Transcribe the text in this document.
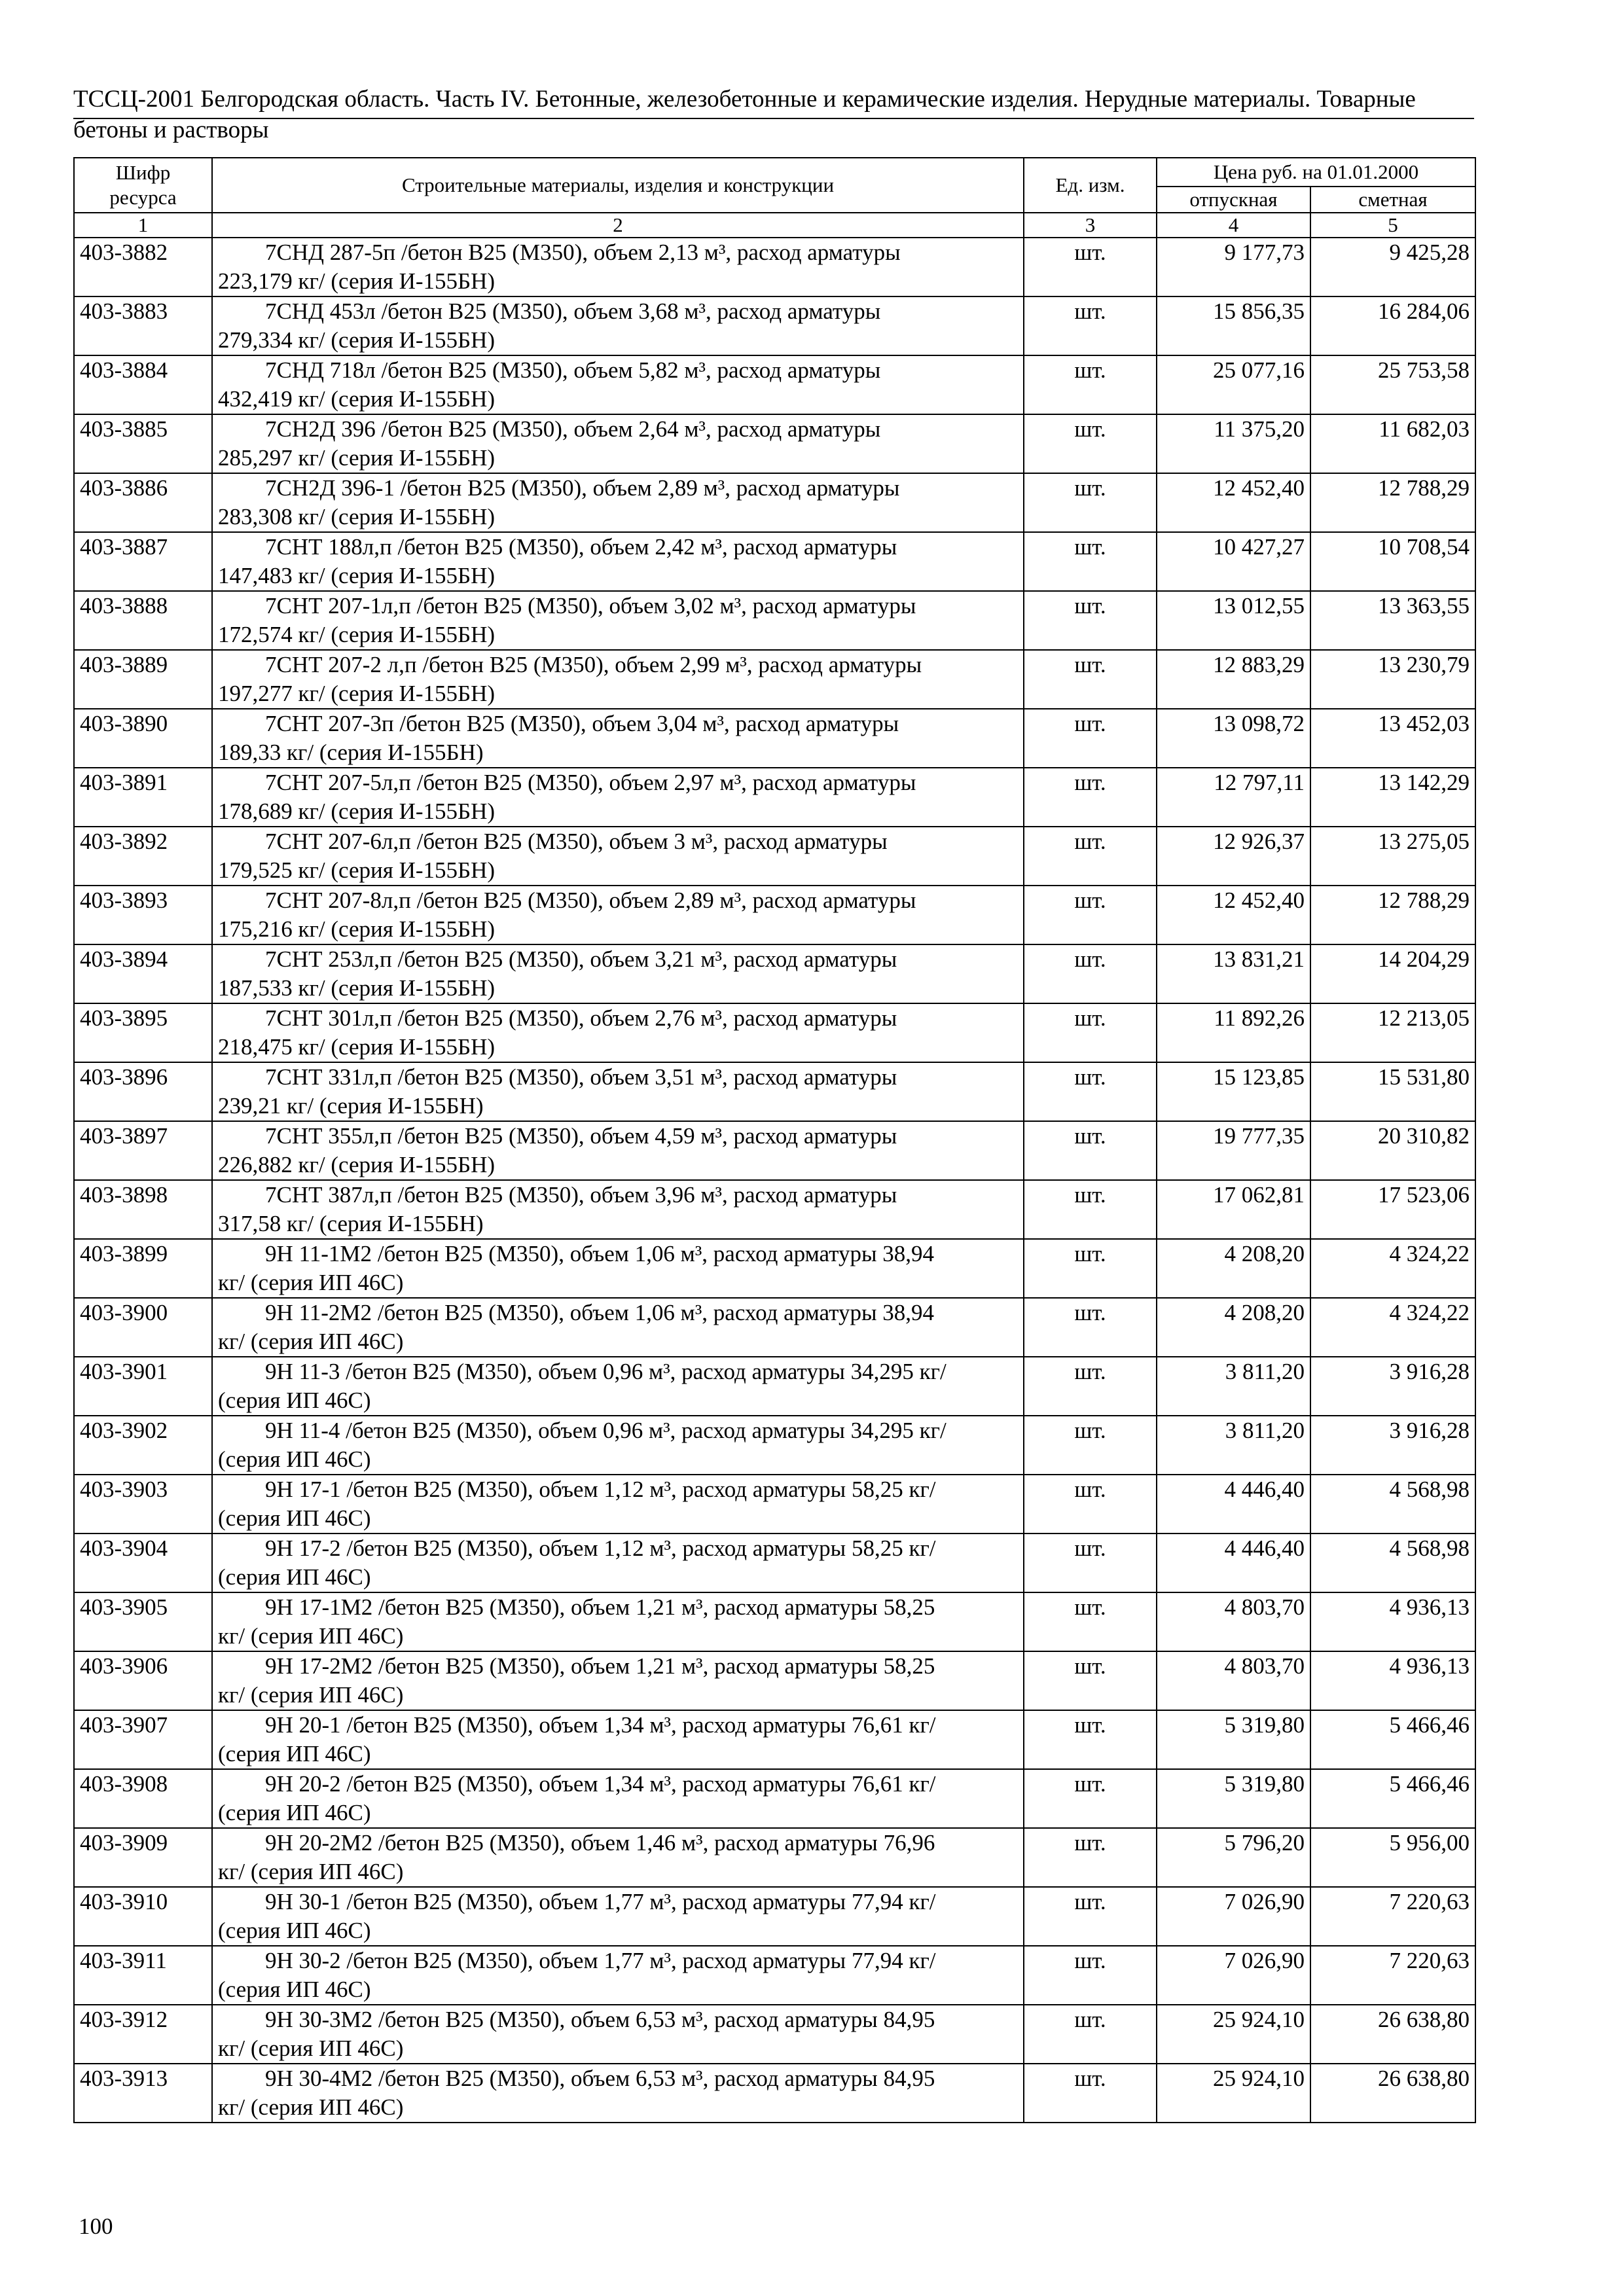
ТССЦ-2001 Белгородская область. Часть IV. Бетонные, железобетонные и керамические изделия. Нерудные материалы. Товарные бетоны и растворы

Шифр ресурса	Строительные материалы, изделия и конструкции	Ед. изм.	Цена руб. на 01.01.2000	
			отпускная	сметная
1	2	3	4	5
403-3882	7СНД 287-5п /бетон В25 (М350), объем 2,13 м³, расход арматуры
223,179 кг/ (серия И-155БН)	шт.	9 177,73	9 425,28
403-3883	7СНД 453л /бетон В25 (М350), объем 3,68 м³, расход арматуры
279,334 кг/ (серия И-155БН)	шт.	15 856,35	16 284,06
403-3884	7СНД 718л /бетон В25 (М350), объем 5,82 м³, расход арматуры
432,419 кг/ (серия И-155БН)	шт.	25 077,16	25 753,58
403-3885	7СН2Д 396 /бетон В25 (М350), объем 2,64 м³, расход арматуры
285,297 кг/ (серия И-155БН)	шт.	11 375,20	11 682,03
403-3886	7СН2Д 396-1 /бетон В25 (М350), объем 2,89 м³, расход арматуры
283,308 кг/ (серия И-155БН)	шт.	12 452,40	12 788,29
403-3887	7СНТ 188л,п /бетон В25 (М350), объем 2,42 м³, расход арматуры
147,483 кг/ (серия И-155БН)	шт.	10 427,27	10 708,54
403-3888	7СНТ 207-1л,п /бетон В25 (М350), объем 3,02 м³, расход арматуры
172,574 кг/ (серия И-155БН)	шт.	13 012,55	13 363,55
403-3889	7СНТ 207-2 л,п /бетон В25 (М350), объем 2,99 м³, расход арматуры
197,277 кг/ (серия И-155БН)	шт.	12 883,29	13 230,79
403-3890	7СНТ 207-3п /бетон В25 (М350), объем 3,04 м³, расход арматуры
189,33 кг/ (серия И-155БН)	шт.	13 098,72	13 452,03
403-3891	7СНТ 207-5л,п /бетон В25 (М350), объем 2,97 м³, расход арматуры
178,689 кг/ (серия И-155БН)	шт.	12 797,11	13 142,29
403-3892	7СНТ 207-6л,п /бетон В25 (М350), объем 3 м³, расход арматуры
179,525 кг/ (серия И-155БН)	шт.	12 926,37	13 275,05
403-3893	7СНТ 207-8л,п /бетон В25 (М350), объем 2,89 м³, расход арматуры
175,216 кг/ (серия И-155БН)	шт.	12 452,40	12 788,29
403-3894	7СНТ 253л,п /бетон В25 (М350), объем 3,21 м³, расход арматуры
187,533 кг/ (серия И-155БН)	шт.	13 831,21	14 204,29
403-3895	7СНТ 301л,п /бетон В25 (М350), объем 2,76 м³, расход арматуры
218,475 кг/ (серия И-155БН)	шт.	11 892,26	12 213,05
403-3896	7СНТ 331л,п /бетон В25 (М350), объем 3,51 м³, расход арматуры
239,21 кг/ (серия И-155БН)	шт.	15 123,85	15 531,80
403-3897	7СНТ 355л,п /бетон В25 (М350), объем 4,59 м³, расход арматуры
226,882 кг/ (серия И-155БН)	шт.	19 777,35	20 310,82
403-3898	7СНТ 387л,п /бетон В25 (М350), объем 3,96 м³, расход арматуры
317,58 кг/ (серия И-155БН)	шт.	17 062,81	17 523,06
403-3899	9Н 11-1М2 /бетон В25 (М350), объем 1,06 м³, расход арматуры 38,94
кг/ (серия ИП 46С)	шт.	4 208,20	4 324,22
403-3900	9Н 11-2М2 /бетон В25 (М350), объем 1,06 м³, расход арматуры 38,94
кг/ (серия ИП 46С)	шт.	4 208,20	4 324,22
403-3901	9Н 11-3 /бетон В25 (М350), объем 0,96 м³, расход арматуры 34,295 кг/
(серия ИП 46С)	шт.	3 811,20	3 916,28
403-3902	9Н 11-4 /бетон В25 (М350), объем 0,96 м³, расход арматуры 34,295 кг/
(серия ИП 46С)	шт.	3 811,20	3 916,28
403-3903	9Н 17-1 /бетон В25 (М350), объем 1,12 м³, расход арматуры 58,25 кг/
(серия ИП 46С)	шт.	4 446,40	4 568,98
403-3904	9Н 17-2 /бетон В25 (М350), объем 1,12 м³, расход арматуры 58,25 кг/
(серия ИП 46С)	шт.	4 446,40	4 568,98
403-3905	9Н 17-1М2 /бетон В25 (М350), объем 1,21 м³, расход арматуры 58,25
кг/ (серия ИП 46С)	шт.	4 803,70	4 936,13
403-3906	9Н 17-2М2 /бетон В25 (М350), объем 1,21 м³, расход арматуры 58,25
кг/ (серия ИП 46С)	шт.	4 803,70	4 936,13
403-3907	9Н 20-1 /бетон В25 (М350), объем 1,34 м³, расход арматуры 76,61 кг/
(серия ИП 46С)	шт.	5 319,80	5 466,46
403-3908	9Н 20-2 /бетон В25 (М350), объем 1,34 м³, расход арматуры 76,61 кг/
(серия ИП 46С)	шт.	5 319,80	5 466,46
403-3909	9Н 20-2М2 /бетон В25 (М350), объем 1,46 м³, расход арматуры 76,96
кг/ (серия ИП 46С)	шт.	5 796,20	5 956,00
403-3910	9Н 30-1 /бетон В25 (М350), объем 1,77 м³, расход арматуры 77,94 кг/
(серия ИП 46С)	шт.	7 026,90	7 220,63
403-3911	9Н 30-2 /бетон В25 (М350), объем 1,77 м³, расход арматуры 77,94 кг/
(серия ИП 46С)	шт.	7 026,90	7 220,63
403-3912	9Н 30-3М2 /бетон В25 (М350), объем 6,53 м³, расход арматуры 84,95
кг/ (серия ИП 46С)	шт.	25 924,10	26 638,80
403-3913	9Н 30-4М2 /бетон В25 (М350), объем 6,53 м³, расход арматуры 84,95
кг/ (серия ИП 46С)	шт.	25 924,10	26 638,80
100
